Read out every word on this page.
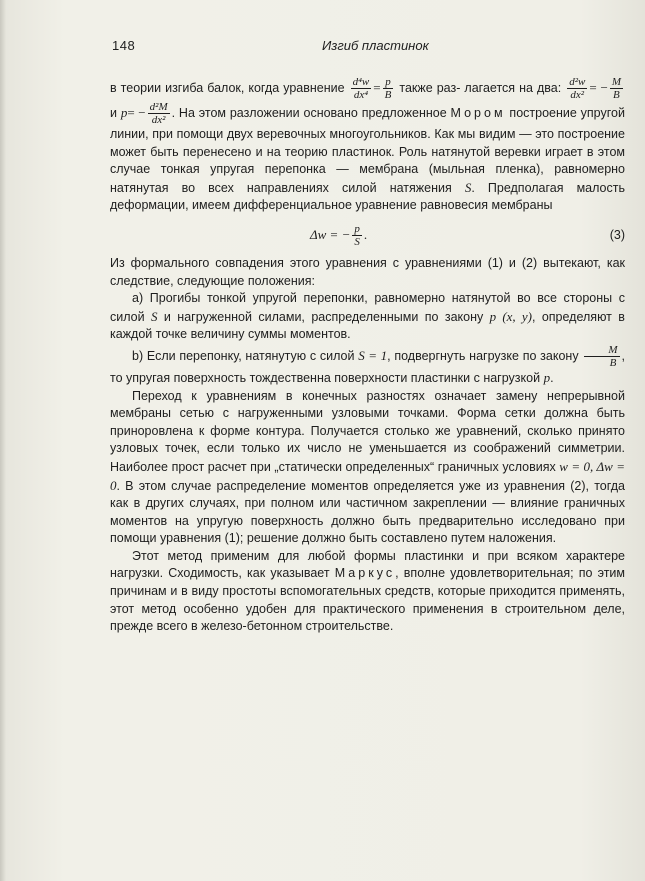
148	Изгиб пластинок

в теории изгиба балок, когда уравнение $\frac{\text{d⁴w}}{\text{dx⁴}} = \frac{p}{B}$ также раз- лагается на два: $\frac{\text{d²w}}{\text{dx²}}$ = − $\frac{M}{B}$
и $p= - \frac{\text{d²M}}{\text{dx²}}$ . На этом разложении основано предложенное Мором построение упругой линии, при помощи двух веревочных многоугольников. Как мы видим — это построение может быть перенесено и на теорию пластинок. Роль натянутой веревки играет в этом случае тонкая упругая перепонка — мембрана (мыльная пленка), равномерно натянутая во всех направлениях силой натяжения S. Предполагая малость деформации, имеем дифференциальное уравнение равновесия мембраны

Δw = − $\frac{p}{S}$ .	(3)

Из формального совпадения этого уравнения с уравнениями (1) и (2) вытекают, как следствие, следующие положения:

a) Прогибы тонкой упругой перепонки, равномерно натянутой во все стороны с силой S и нагруженной силами, распределенными по закону p (x, y), определяют в каждой точке величину суммы моментов.

b) Если перепонку, натянутую с силой S = 1, подвергнуть нагрузке по закону $\frac{M}{B}$ , то упругая поверхность тождественна поверхности пластинки с нагрузкой p.

Переход к уравнениям в конечных разностях означает замену непрерывной мембраны сетью с нагруженными узловыми точками. Форма сетки должна быть приноровлена к форме контура. Получается столько же уравнений, сколько принято узловых точек, если только их число не уменьшается из соображений симметрии. Наиболее прост расчет при „статически определенных“ граничных условиях w = 0, Δw = 0. В этом случае распределение моментов определяется уже из уравнения (2), тогда как в других случаях, при полном или частичном закреплении — влияние граничных моментов на упругую поверхность должно быть предварительно исследовано при помощи уравнения (1); решение должно быть составлено путем наложения.

Этот метод применим для любой формы пластинки и при всяком характере нагрузки. Сходимость, как указывает Маркус, вполне удовлетворительная; по этим причинам и в виду простоты вспомогательных средств, которые приходится применять, этот метод особенно удобен для практического применения в строительном деле, прежде всего в железо-бетонном строительстве.
